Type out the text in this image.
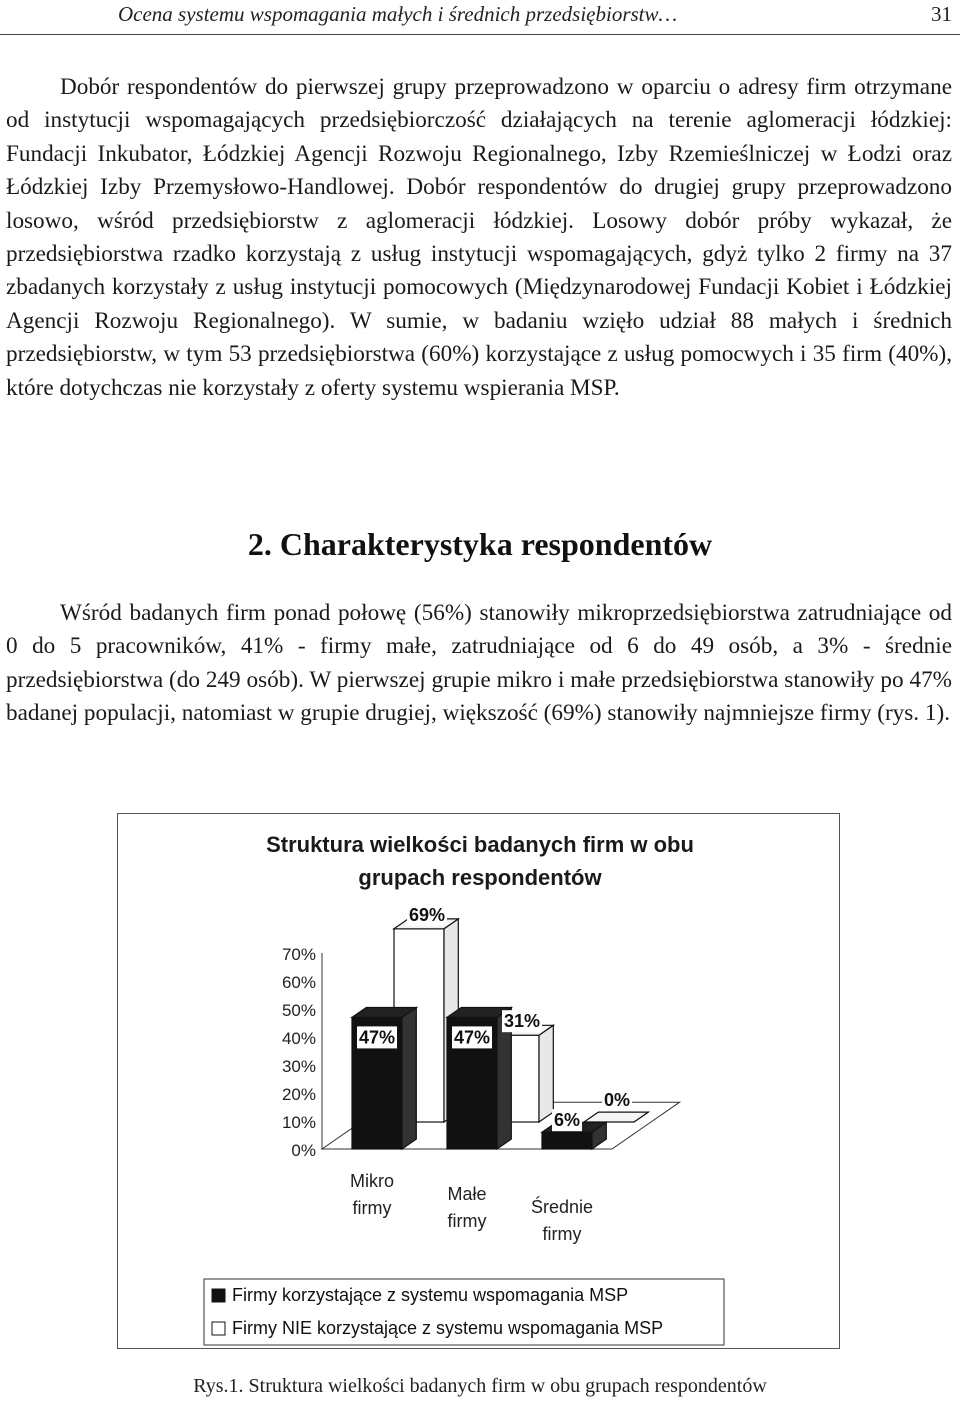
Ocena systemu wspomagania małych i średnich przedsiębiorstw…	31

Dobór respondentów do pierwszej grupy przeprowadzono w oparciu o adresy firm otrzymane od instytucji wspomagających przedsiębiorczość działających na terenie aglomeracji łódzkiej: Fundacji Inkubator, Łódzkiej Agencji Rozwoju Regionalnego, Izby Rzemieślniczej w Łodzi oraz Łódzkiej Izby Przemysłowo-Handlowej. Dobór respondentów do drugiej grupy przeprowadzono losowo, wśród przedsiębiorstw z aglomeracji łódzkiej. Losowy dobór próby wykazał, że przedsiębiorstwa rzadko korzystają z usług instytucji wspomagających, gdyż tylko 2 firmy na 37 zbadanych korzystały z usług instytucji pomocowych (Międzynarodowej Fundacji Kobiet i Łódzkiej Agencji Rozwoju Regionalnego). W sumie, w badaniu wzięło udział 88 małych i średnich przedsiębiorstw, w tym 53 przedsiębiorstwa (60%) korzystające z usług pomocwych i 35 firm (40%), które dotychczas nie korzystały z oferty systemu wspierania MSP.

2. Charakterystyka respondentów

Wśród badanych firm ponad połowę (56%) stanowiły mikroprzedsiębiorstwa zatrudniające od 0 do 5 pracowników, 41% - firmy małe, zatrudniające od 6 do 49 osób, a 3% - średnie przedsiębiorstwa (do 249 osób). W pierwszej grupie mikro i małe przedsiębiorstwa stanowiły po 47% badanej populacji, natomiast w grupie drugiej, większość (69%) stanowiły najmniejsze firmy (rys. 1).

Struktura wielkości badanych firm w obu
grupach respondentów
0%
10%
20%
30%
40%
50%
60%
70%
47%
69%
Mikro
firmy
47%
31%
Małe
firmy
6%
0%
Średnie
firmy
Firmy korzystające z systemu wspomagania MSP
Firmy NIE korzystające z systemu wspomagania MSP
Rys.1. Struktura wielkości badanych firm w obu grupach respondentów
